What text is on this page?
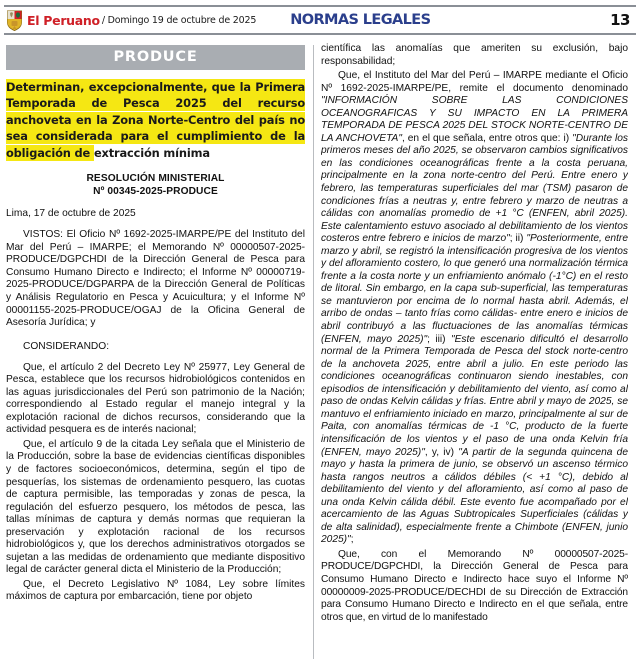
El Peruano / Domingo 19 de octubre de 2025 NORMAS LEGALES	13
PRODUCE
Determinan, excepcionalmente, que la Primera Temporada de Pesca 2025 del recurso anchoveta en la Zona Norte-Centro del país no sea considerada para el cumplimiento de la obligación de extracción mínima
RESOLUCIÓN MINISTERIAL
Nº 00345-2025-PRODUCE
Lima, 17 de octubre de 2025

VISTOS: El Oficio Nº 1692-2025-IMARPE/PE del Instituto del Mar del Perú – IMARPE; el Memorando Nº 00000507-2025-PRODUCE/DGPCHDI de la Dirección General de Pesca para Consumo Humano Directo e Indirecto; el Informe Nº 00000719-2025-PRODUCE/DGPARPA de la Dirección General de Políticas y Análisis Regulatorio en Pesca y Acuicultura; y el Informe Nº 00001155-2025-PRODUCE/OGAJ de la Oficina General de Asesoría Jurídica; y

CONSIDERANDO:

Que, el artículo 2 del Decreto Ley Nº 25977, Ley General de Pesca, establece que los recursos hidrobiológicos contenidos en las aguas jurisdiccionales del Perú son patrimonio de la Nación; correspondiendo al Estado regular el manejo integral y la explotación racional de dichos recursos, considerando que la actividad pesquera es de interés nacional;

Que, el artículo 9 de la citada Ley señala que el Ministerio de la Producción, sobre la base de evidencias científicas disponibles y de factores socioeconómicos, determina, según el tipo de pesquerías, los sistemas de ordenamiento pesquero, las cuotas de captura permisible, las temporadas y zonas de pesca, la regulación del esfuerzo pesquero, los métodos de pesca, las tallas mínimas de captura y demás normas que requieran la preservación y explotación racional de los recursos hidrobiológicos y, que los derechos administrativos otorgados se sujetan a las medidas de ordenamiento que mediante dispositivo legal de carácter general dicta el Ministerio de la Producción;

Que, el Decreto Legislativo Nº 1084, Ley sobre límites máximos de captura por embarcación, tiene por objeto

científica las anomalías que ameriten su exclusión, bajo responsabilidad;

Que, el Instituto del Mar del Perú – IMARPE mediante el Oficio Nº 1692-2025-IMARPE/PE, remite el documento denominado "INFORMACIÓN SOBRE LAS CONDICIONES OCEANOGRAFICAS Y SU IMPACTO EN LA PRIMERA TEMPORADA DE PESCA 2025 DEL STOCK NORTE-CENTRO DE LA ANCHOVETA", en el que señala, entre otros que: i) "Durante los primeros meses del año 2025, se observaron cambios significativos en las condiciones oceanográficas frente a la costa peruana, principalmente en la zona norte-centro del Perú. Entre enero y febrero, las temperaturas superficiales del mar (TSM) pasaron de condiciones frías a neutras y, entre febrero y marzo de neutras a cálidas con anomalías promedio de +1 °C (ENFEN, abril 2025). Este calentamiento estuvo asociado al debilitamiento de los vientos costeros entre febrero e inicios de marzo"; ii) "Posteriormente, entre marzo y abril, se registró la intensificación progresiva de los vientos y del afloramiento costero, lo que generó una normalización térmica frente a la costa norte y un enfriamiento anómalo (-1°C) en el resto de litoral. Sin embargo, en la capa sub-superficial, las temperaturas se mantuvieron por encima de lo normal hasta abril. Además, el arribo de ondas – tanto frías como cálidas- entre enero e inicios de abril contribuyó a las fluctuaciones de las anomalías térmicas (ENFEN, mayo 2025)"; iii) "Este escenario dificultó el desarrollo normal de la Primera Temporada de Pesca del stock norte-centro de la anchoveta 2025, entre abril a julio. En este periodo las condiciones oceanográficas continuaron siendo inestables, con episodios de intensificación y debilitamiento del viento, así como al paso de ondas Kelvin cálidas y frías. Entre abril y mayo de 2025, se mantuvo el enfriamiento iniciado en marzo, principalmente al sur de Paita, con anomalías térmicas de -1 °C, producto de la fuerte intensificación de los vientos y el paso de una onda Kelvin fría (ENFEN, mayo 2025)", y, iv) "A partir de la segunda quincena de mayo y hasta la primera de junio, se observó un ascenso térmico hasta rangos neutros a cálidos débiles (< +1 °C), debido al debilitamiento del viento y del afloramiento, así como al paso de una onda Kelvin cálida débil. Este evento fue acompañado por el acercamiento de las Aguas Subtropicales Superficiales (cálidas y de alta salinidad), especialmente frente a Chimbote (ENFEN, junio 2025)";

Que, con el Memorando Nº 00000507-2025-PRODUCE/DGPCHDI, la Dirección General de Pesca para Consumo Humano Directo e Indirecto hace suyo el Informe Nº 00000009-2025-PRODUCE/DECHDI de su Dirección de Extracción para Consumo Humano Directo e Indirecto en el que señala, entre otros que, en virtud de lo manifestado
